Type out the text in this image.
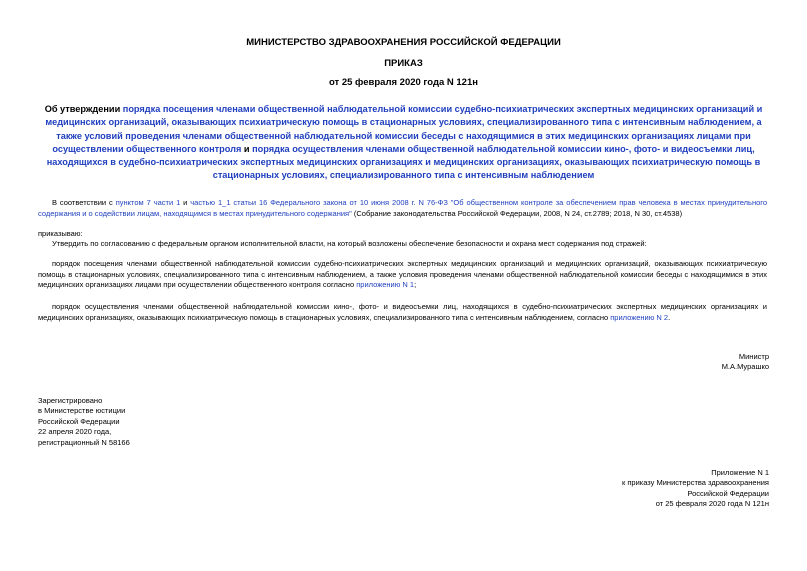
МИНИСТЕРСТВО ЗДРАВООХРАНЕНИЯ РОССИЙСКОЙ ФЕДЕРАЦИИ
ПРИКАЗ
от 25 февраля 2020 года N 121н
Об утверждении порядка посещения членами общественной наблюдательной комиссии судебно-психиатрических экспертных медицинских организаций и медицинских организаций, оказывающих психиатрическую помощь в стационарных условиях, специализированного типа с интенсивным наблюдением, а также условий проведения членами общественной наблюдательной комиссии беседы с находящимися в этих медицинских организациях лицами при осуществлении общественного контроля и порядка осуществления членами общественной наблюдательной комиссии кино-, фото- и видеосъемки лиц, находящихся в судебно-психиатрических экспертных медицинских организациях и медицинских организациях, оказывающих психиатрическую помощь в стационарных условиях, специализированного типа с интенсивным наблюдением
В соответствии с пунктом 7 части 1 и частью 1_1 статьи 16 Федерального закона от 10 июня 2008 г. N 76-ФЗ "Об общественном контроле за обеспечением прав человека в местах принудительного содержания и о содействии лицам, находящимся в местах принудительного содержания" (Собрание законодательства Российской Федерации, 2008, N 24, ст.2789; 2018, N 30, ст.4538)
приказываю:
Утвердить по согласованию с федеральным органом исполнительной власти, на который возложены обеспечение безопасности и охрана мест содержания под стражей:
порядок посещения членами общественной наблюдательной комиссии судебно-психиатрических экспертных медицинских организаций и медицинских организаций, оказывающих психиатрическую помощь в стационарных условиях, специализированного типа с интенсивным наблюдением, а также условия проведения членами общественной наблюдательной комиссии беседы с находящимися в этих медицинских организациях лицами при осуществлении общественного контроля согласно приложению N 1;
порядок осуществления членами общественной наблюдательной комиссии кино-, фото- и видеосъемки лиц, находящихся в судебно-психиатрических экспертных медицинских организациях и медицинских организациях, оказывающих психиатрическую помощь в стационарных условиях, специализированного типа с интенсивным наблюдением, согласно приложению N 2.
Министр
М.А.Мурашко
Зарегистрировано
в Министерстве юстиции
Российской Федерации
22 апреля 2020 года,
регистрационный N 58166
Приложение N 1
к приказу Министерства здравоохранения
Российской Федерации
от 25 февраля 2020 года N 121н
